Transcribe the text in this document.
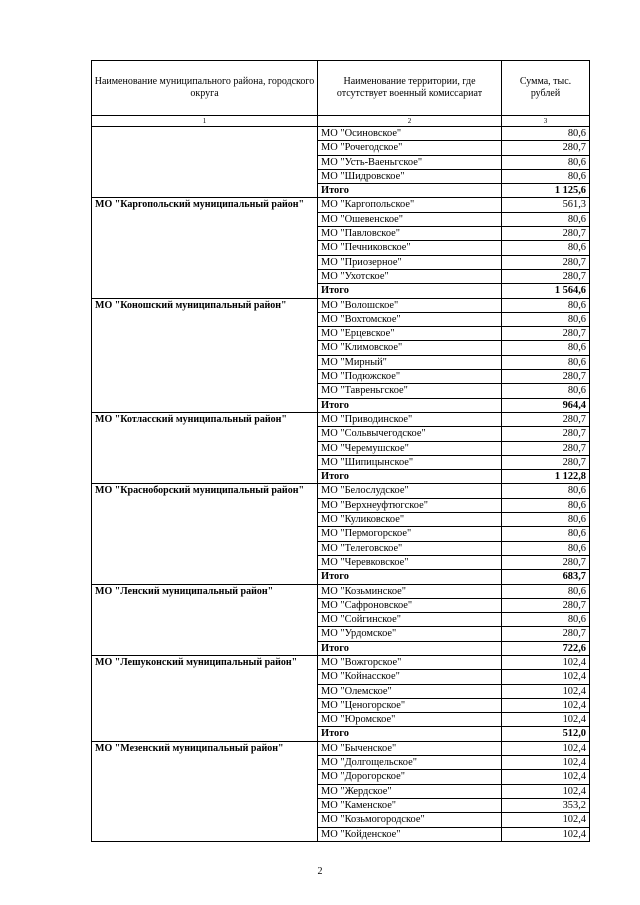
Наименование муниципального района, городского округа	Наименование территории, где отсутствует военный комиссариат	Сумма, тыс. рублей
1	2	3
	МО "Осиновское"	80,6
	МО "Рочегодское"	280,7
	МО "Усть-Ваеньгское"	80,6
	МО "Шидровское"	80,6
	Итого	1 125,6
МО "Каргопольский муниципальный район"	МО "Каргопольское"	561,3
	МО "Ошевенское"	80,6
	МО "Павловское"	280,7
	МО "Печниковское"	80,6
	МО "Приозерное"	280,7
	МО "Ухотское"	280,7
	Итого	1 564,6
МО "Коношский муниципальный район"	МО "Волошское"	80,6
	МО "Вохтомское"	80,6
	МО "Ерцевское"	280,7
	МО "Климовское"	80,6
	МО "Мирный"	80,6
	МО "Подюжское"	280,7
	МО "Тавреньгское"	80,6
	Итого	964,4
МО "Котласский муниципальный район"	МО "Приводинское"	280,7
	МО "Сольвычегодское"	280,7
	МО "Черемушское"	280,7
	МО "Шипицынское"	280,7
	Итого	1 122,8
МО "Красноборский муниципальный район"	МО "Белослудское"	80,6
	МО "Верхнеуфтюгское"	80,6
	МО "Куликовское"	80,6
	МО "Пермогорское"	80,6
	МО "Телеговское"	80,6
	МО "Черевковское"	280,7
	Итого	683,7
МО "Ленский муниципальный район"	МО "Козьминское"	80,6
	МО "Сафроновское"	280,7
	МО "Сойгинское"	80,6
	МО "Урдомское"	280,7
	Итого	722,6
МО "Лешуконский муниципальный район"	МО "Вожгорское"	102,4
	МО "Койнасское"	102,4
	МО "Олемское"	102,4
	МО "Ценогорское"	102,4
	МО "Юромское"	102,4
	Итого	512,0
МО "Мезенский муниципальный район"	МО "Быченское"	102,4
	МО "Долгощельское"	102,4
	МО "Дорогорское"	102,4
	МО "Жердское"	102,4
	МО "Каменское"	353,2
	МО "Козьмогородское"	102,4
	МО "Койденское"	102,4
2
